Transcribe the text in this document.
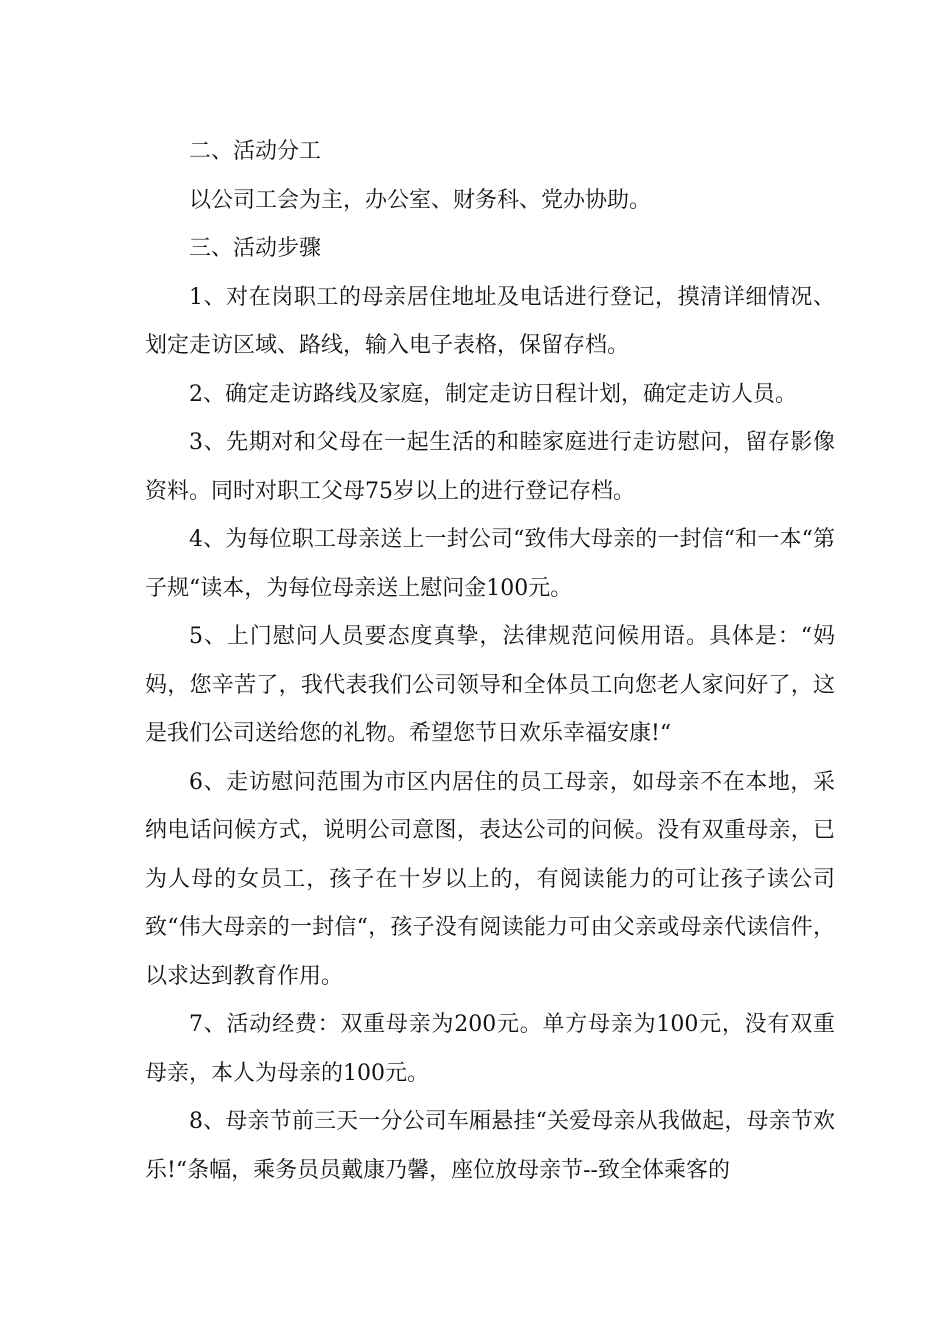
二、活动分工

以公司工会为主，办公室、财务科、党办协助。

三、活动步骤

1、对在岗职工的母亲居住地址及电话进行登记，摸清详细情况、划定走访区域、路线，输入电子表格，保留存档。

2、确定走访路线及家庭，制定走访日程计划，确定走访人员。

3、先期对和父母在一起生活的和睦家庭进行走访慰问，留存影像资料。同时对职工父母75岁以上的进行登记存档。

4、为每位职工母亲送上一封公司“致伟大母亲的一封信“和一本“第子规“读本，为每位母亲送上慰问金100元。

5、上门慰问人员要态度真挚，法律规范问候用语。具体是：“妈妈，您辛苦了，我代表我们公司领导和全体员工向您老人家问好了，这是我们公司送给您的礼物。希望您节日欢乐幸福安康!“

6、走访慰问范围为市区内居住的员工母亲，如母亲不在本地，采纳电话问候方式，说明公司意图，表达公司的问候。没有双重母亲，已为人母的女员工，孩子在十岁以上的，有阅读能力的可让孩子读公司致“伟大母亲的一封信“，孩子没有阅读能力可由父亲或母亲代读信件，以求达到教育作用。

7、活动经费：双重母亲为200元。单方母亲为100元，没有双重母亲，本人为母亲的100元。

8、母亲节前三天一分公司车厢悬挂“关爱母亲从我做起，母亲节欢乐!“条幅，乘务员员戴康乃馨，座位放母亲节--致全体乘客的
